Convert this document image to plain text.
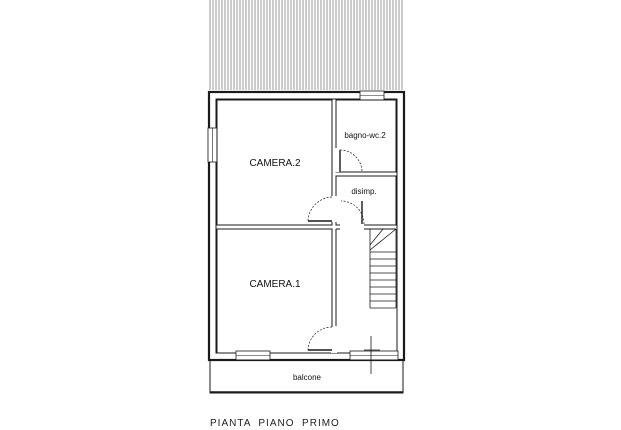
CAMERA.2
CAMERA.1
bagno-wc.2
disimp.
balcone
PIANTA  PIANO  PRIMO
